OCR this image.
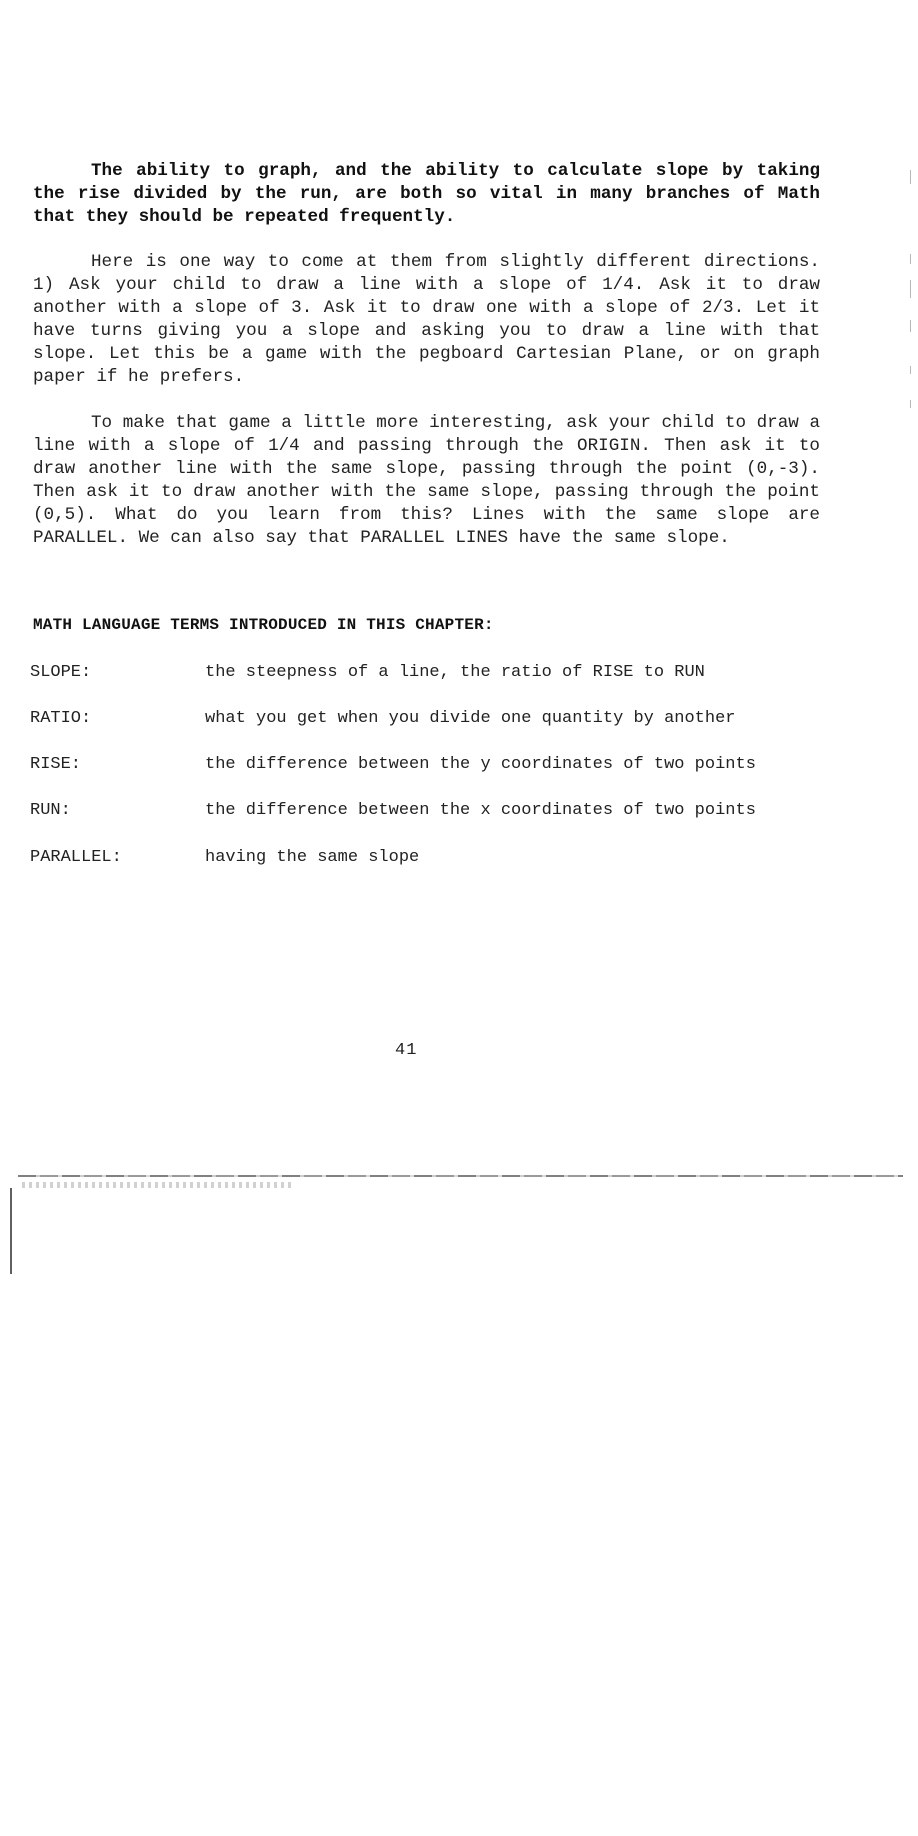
The ability to graph, and the ability to calculate slope by taking the rise divided by the run, are both so vital in many branches of Math that they should be repeated frequently.

Here is one way to come at them from slightly different directions. 1) Ask your child to draw a line with a slope of 1/4. Ask it to draw another with a slope of 3. Ask it to draw one with a slope of 2/3. Let it have turns giving you a slope and asking you to draw a line with that slope. Let this be a game with the pegboard Cartesian Plane, or on graph paper if he prefers.

To make that game a little more interesting, ask your child to draw a line with a slope of 1/4 and passing through the ORIGIN. Then ask it to draw another line with the same slope, passing through the point (0,-3). Then ask it to draw another with the same slope, passing through the point (0,5). What do you learn from this? Lines with the same slope are PARALLEL. We can also say that PARALLEL LINES have the same slope.

MATH LANGUAGE TERMS INTRODUCED IN THIS CHAPTER:
SLOPE:	the steepness of a line, the ratio of RISE to RUN
RATIO:	what you get when you divide one quantity by another
RISE:	the difference between the y coordinates of two points
RUN:	the difference between the x coordinates of two points
PARALLEL:	having the same slope
41
